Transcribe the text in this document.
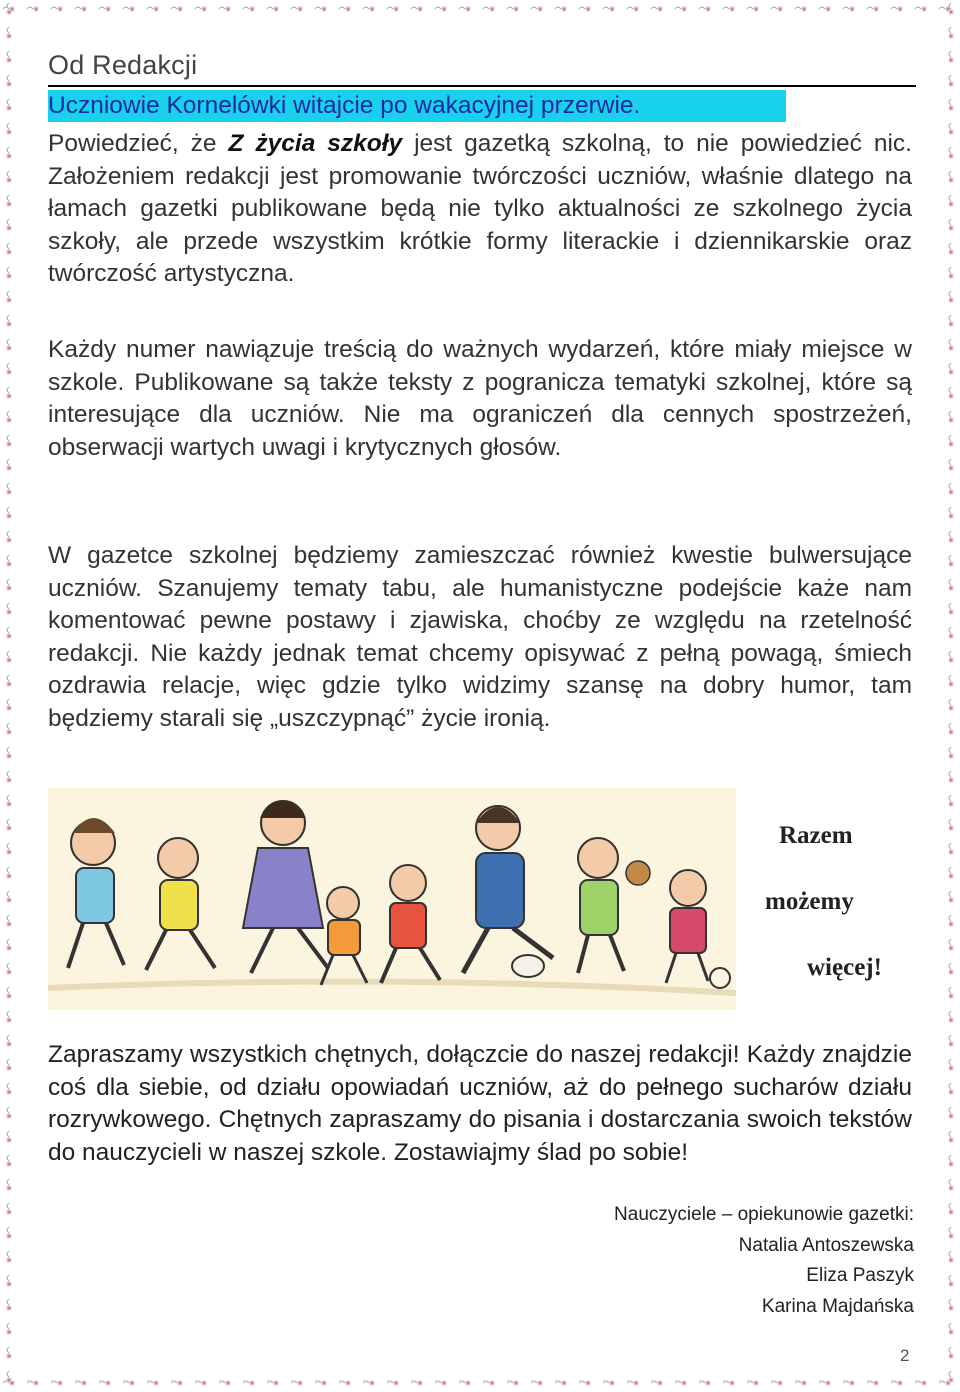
Od Redakcji
Uczniowie Kornelówki witajcie po wakacyjnej przerwie.
Powiedzieć, że Z życia szkoły jest gazetką szkolną, to nie powiedzieć nic. Założeniem redakcji jest promowanie twórczości uczniów, właśnie dlatego na łamach gazetki publikowane będą nie tylko aktualności ze szkolnego życia szkoły, ale przede wszystkim krótkie formy literackie i dziennikarskie oraz twórczość artystyczna.
Każdy numer nawiązuje treścią do ważnych wydarzeń, które miały miejsce w szkole. Publikowane są także teksty z pogranicza tematyki szkolnej, które są interesujące dla uczniów. Nie ma ograniczeń dla cennych spostrzeżeń, obserwacji wartych uwagi i krytycznych głosów.
W gazetce szkolnej będziemy zamieszczać również kwestie bulwersujące uczniów. Szanujemy tematy tabu, ale humanistyczne podejście każe nam komentować pewne postawy i zjawiska, choćby ze względu na rzetelność redakcji. Nie każdy jednak temat chcemy opisywać z pełną powagą, śmiech ozdrawia relacje, więc gdzie tylko widzimy szansę na dobry humor, tam będziemy starali się „uszczypnąć” życie ironią.
Razem
możemy
więcej!
Zapraszamy wszystkich chętnych, dołączcie do naszej redakcji! Każdy znajdzie coś dla siebie, od działu opowiadań uczniów, aż do pełnego sucharów działu rozrywkowego. Chętnych zapraszamy do pisania i dostarczania swoich tekstów do nauczycieli w naszej szkole. Zostawiajmy ślad po sobie!
Nauczyciele – opiekunowie gazetki:
Natalia Antoszewska
Eliza Paszyk
Karina Majdańska
2
